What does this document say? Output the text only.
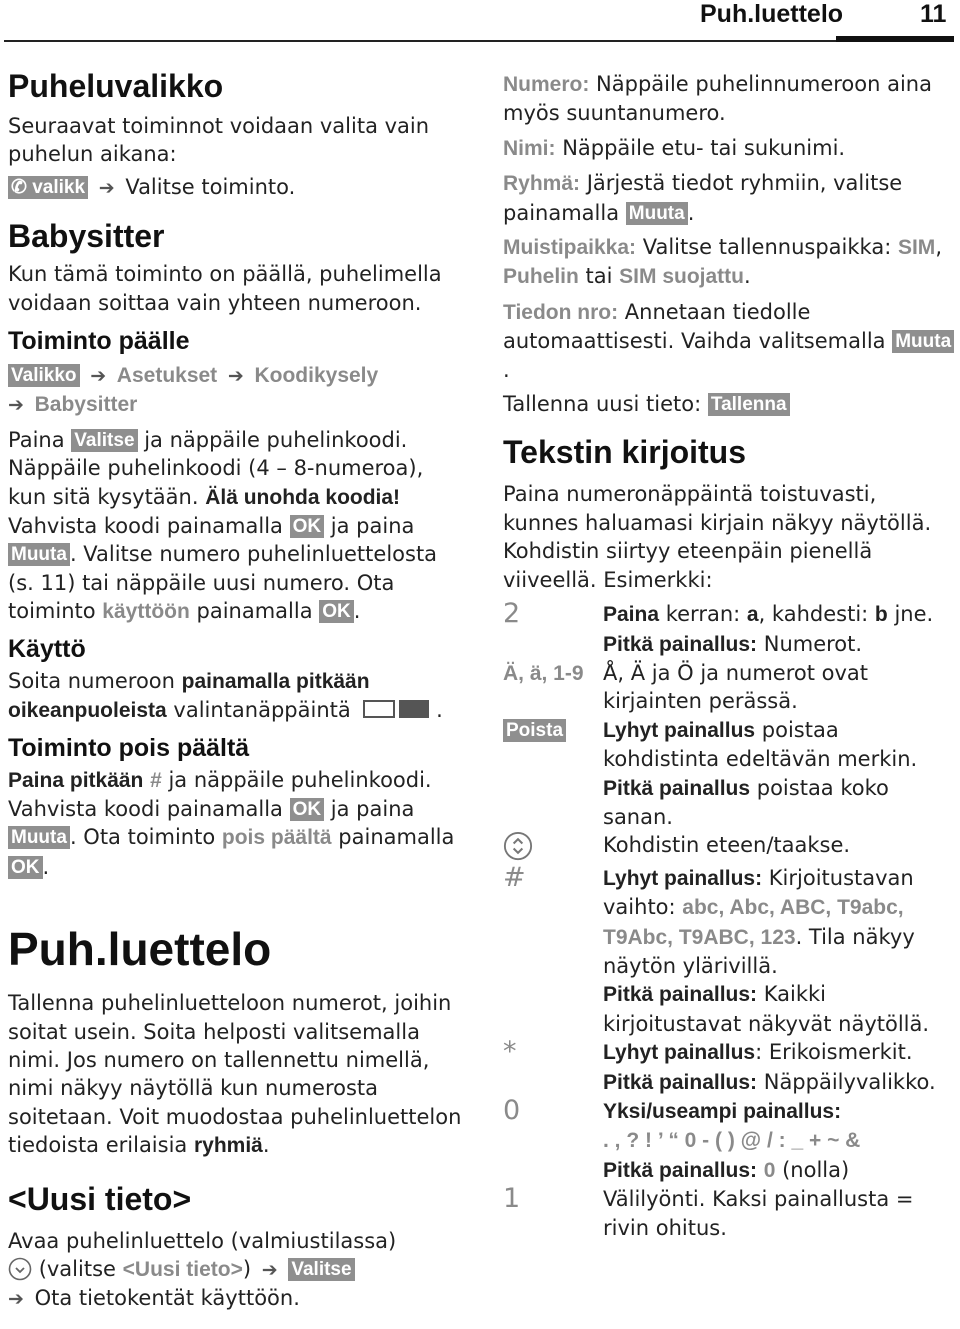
Puh.luettelo	11
Puheluvalikko

Seuraavat toiminnot voidaan valita vain puhelun aikana:

✆ valikk ➔ Valitse toiminto.

Babysitter

Kun tämä toiminto on päällä, puhelimella voidaan soittaa vain yhteen numeroon.

Toiminto päälle

Valikko ➔ Asetukset ➔ Koodikysely
➔ Babysitter

Paina Valitse ja näppäile puhelinkoodi. Näppäile puhelinkoodi (4 – 8-numeroa), kun sitä kysytään. Älä unohda koodia! Vahvista koodi painamalla OK ja paina Muuta . Valitse numero puhelinluettelosta (s. 11) tai näppäile uusi numero. Ota toiminto käyttöön painamalla OK .

Käyttö

Soita numeroon painamalla pitkään oikeanpuoleista valintanäppäintä	.

Toiminto pois päältä

Paina pitkään # ja näppäile puhelinkoodi. Vahvista koodi painamalla OK ja paina Muuta . Ota toiminto pois päältä painamalla OK .

Puh.luettelo

Tallenna puhelinluetteloon numerot, joihin soitat usein. Soita helposti valitsemalla nimi. Jos numero on tallennettu nimellä, nimi näkyy näytöllä kun numerosta soitetaan. Voit muodostaa puhelinluettelon tiedoista erilaisia ryhmiä.

<Uusi tieto>

Avaa puhelinluettelo (valmiustilassa)

(valitse <Uusi tieto>) ➔ Valitse

➔ Ota tietokentät käyttöön.

Numero: Näppäile puhelinnumeroon aina myös suuntanumero.

Nimi: Näppäile etu- tai sukunimi.

Ryhmä: Järjestä tiedot ryhmiin, valitse painamalla Muuta .

Muistipaikka: Valitse tallennuspaikka: SIM, Puhelin tai SIM suojattu.

Tiedon nro: Annetaan tiedolle automaattisesti. Vaihda valitsemalla Muuta.

Tallenna uusi tieto: Tallenna

Tekstin kirjoitus

Paina numeronäppäintä toistuvasti, kunnes haluamasi kirjain näkyy näytöllä. Kohdistin siirtyy eteenpäin pienellä viiveellä. Esimerkki:

2	Paina kerran: a, kahdesti: b jne.
Pitkä painallus: Numerot.
Ä, ä, 1-9	Å, Ä ja Ö ja numerot ovat kirjainten perässä.
Poista	Lyhyt painallus poistaa kohdistinta edeltävän merkin. Pitkä painallus poistaa koko sanan.
	Kohdistin eteen/taakse.
#	Lyhyt painallus: Kirjoitustavan vaihto: abc, Abc, ABC, T9abc, T9Abc, T9ABC, 123. Tila näkyy näytön ylärivillä.
Pitkä painallus: Kaikki kirjoitustavat näkyvät näytöllä.
*	Lyhyt painallus: Erikoismerkit.
Pitkä painallus: Näppäilyvalikko.
0	Yksi/useampi painallus:
. , ? ! ’ “ 0 - ( ) @ / : _ + ~ &
Pitkä painallus: 0 (nolla)
1	Välilyönti. Kaksi painallusta = rivin ohitus.
